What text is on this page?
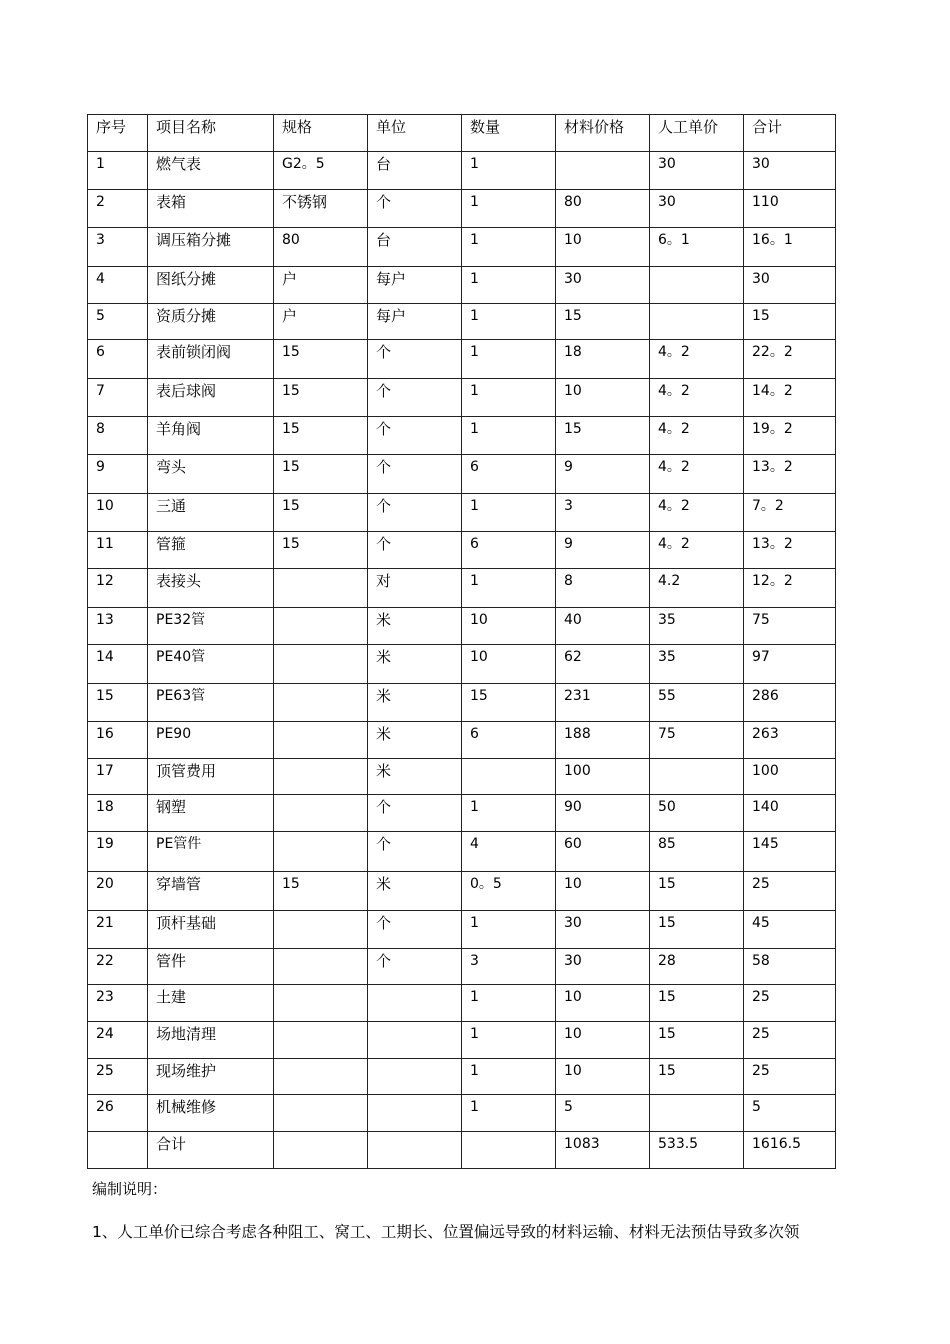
序号	项目名称	规格	单位	数量	材料价格	人工单价	合计
1	燃气表	G2。5	台	1		30	30
2	表箱	不锈钢	个	1	80	30	110
3	调压箱分摊	80	台	1	10	6。1	16。1
4	图纸分摊	户	每户	1	30		30
5	资质分摊	户	每户	1	15		15
6	表前锁闭阀	15	个	1	18	4。2	22。2
7	表后球阀	15	个	1	10	4。2	14。2
8	羊角阀	15	个	1	15	4。2	19。2
9	弯头	15	个	6	9	4。2	13。2
10	三通	15	个	1	3	4。2	7。2
11	管箍	15	个	6	9	4。2	13。2
12	表接头		对	1	8	4.2	12。2
13	PE32管		米	10	40	35	75
14	PE40管		米	10	62	35	97
15	PE63管		米	15	231	55	286
16	PE90		米	6	188	75	263
17	顶管费用		米		100		100
18	钢塑		个	1	90	50	140
19	PE管件		个	4	60	85	145
20	穿墙管	15	米	0。5	10	15	25
21	顶杆基础		个	1	30	15	45
22	管件		个	3	30	28	58
23	土建			1	10	15	25
24	场地清理			1	10	15	25
25	现场维护			1	10	15	25
26	机械维修			1	5		5
	合计				1083	533.5	1616.5
编制说明：
1、人工单价已综合考虑各种阻工、窝工、工期长、位置偏远导致的材料运输、材料无法预估导致多次领
